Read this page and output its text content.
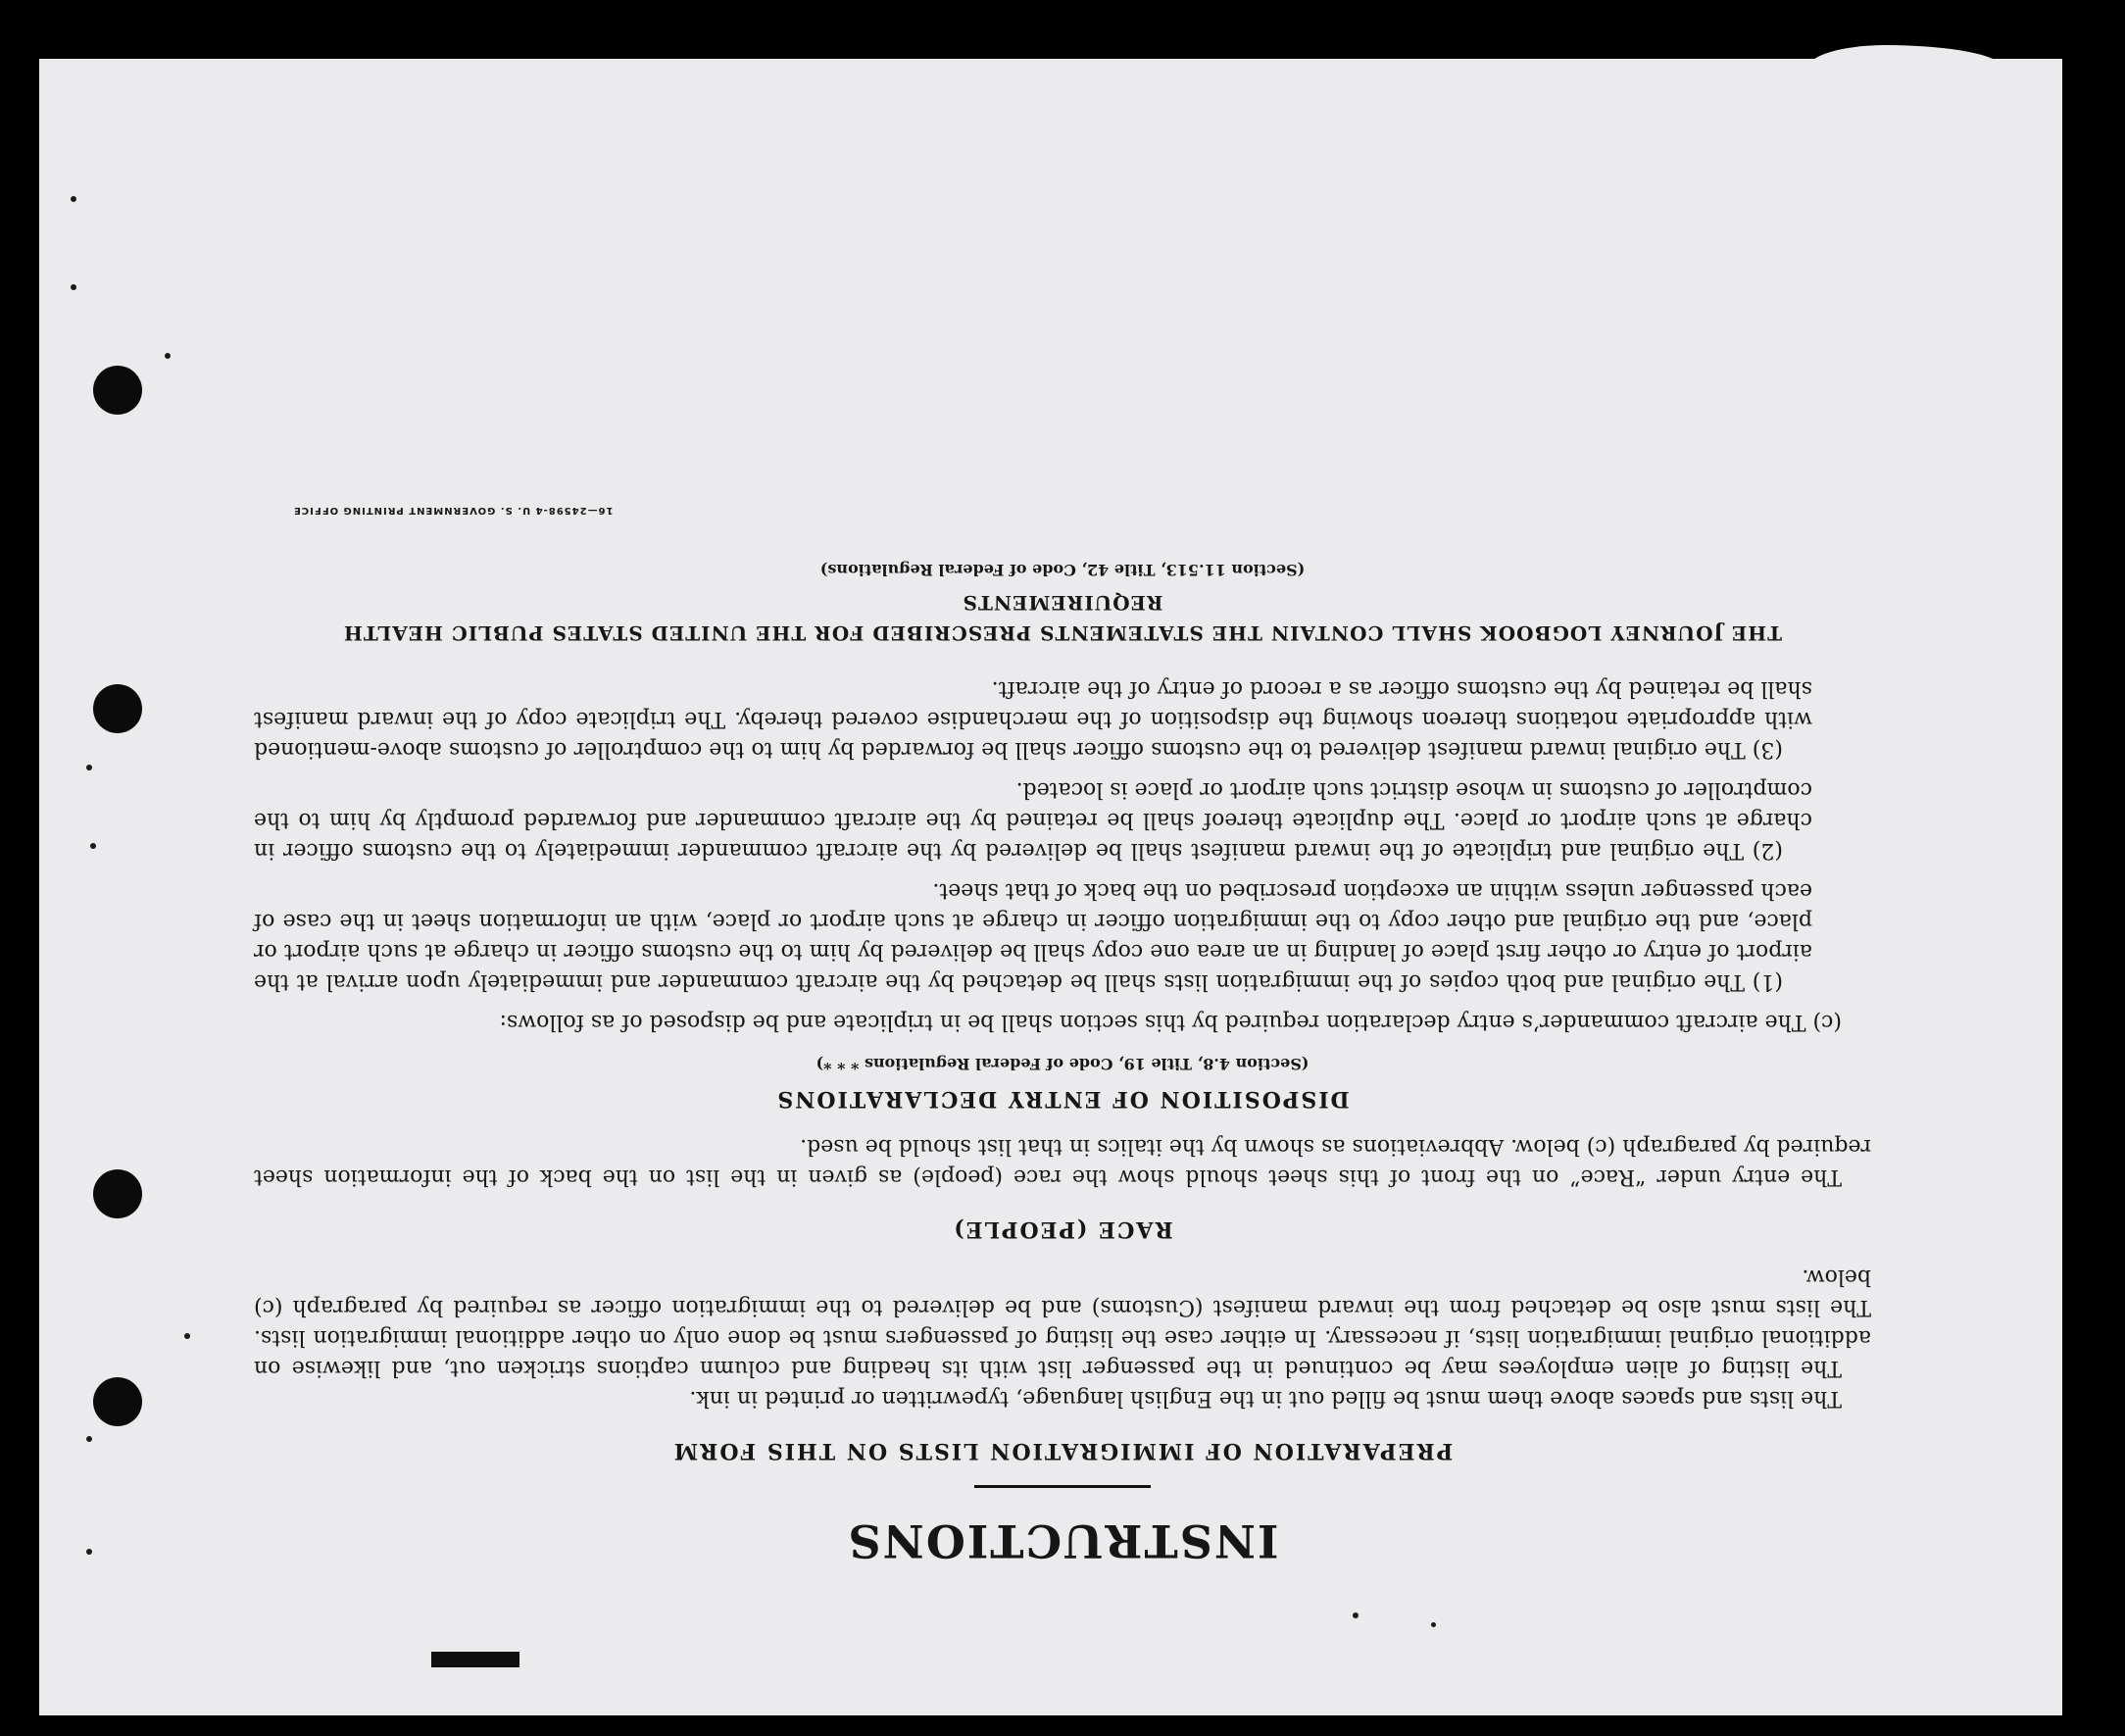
INSTRUCTIONS
PREPARATION OF IMMIGRATION LISTS ON THIS FORM

The lists and spaces above them must be filled out in the English language, typewritten or printed in ink.

The listing of alien employees may be continued in the passenger list with its heading and column captions stricken out, and likewise on additional original immigration lists, if necessary. In either case the listing of passengers must be done only on other additional immigration lists. The lists must also be detached from the inward manifest (Customs) and be delivered to the immigration officer as required by paragraph (c) below.

RACE (PEOPLE)

The entry under “Race” on the front of this sheet should show the race (people) as given in the list on the back of the information sheet required by paragraph (c) below. Abbreviations as shown by the italics in that list should be used.

DISPOSITION OF ENTRY DECLARATIONS
(Section 4.8, Title 19, Code of Federal Regulations * * *)

(c) The aircraft commander’s entry declaration required by this section shall be in triplicate and be disposed of as follows:

(1) The original and both copies of the immigration lists shall be detached by the aircraft commander and immediately upon arrival at the airport of entry or other first place of landing in an area one copy shall be delivered by him to the customs officer in charge at such airport or place, and the original and other copy to the immigration officer in charge at such airport or place, with an information sheet in the case of each passenger unless within an exception prescribed on the back of that sheet.

(2) The original and triplicate of the inward manifest shall be delivered by the aircraft commander immediately to the customs officer in charge at such airport or place. The duplicate thereof shall be retained by the aircraft commander and forwarded promptly by him to the comptroller of customs in whose district such airport or place is located.

(3) The original inward manifest delivered to the customs officer shall be forwarded by him to the comptroller of customs above-mentioned with appropriate notations thereon showing the disposition of the merchandise covered thereby. The triplicate copy of the inward manifest shall be retained by the customs officer as a record of entry of the aircraft.

THE JOURNEY LOGBOOK SHALL CONTAIN THE STATEMENTS PRESCRIBED FOR THE UNITED STATES PUBLIC HEALTH REQUIREMENTS
(Section 11.513, Title 42, Code of Federal Regulations)
16—24598-4 U. S. GOVERNMENT PRINTING OFFICE
